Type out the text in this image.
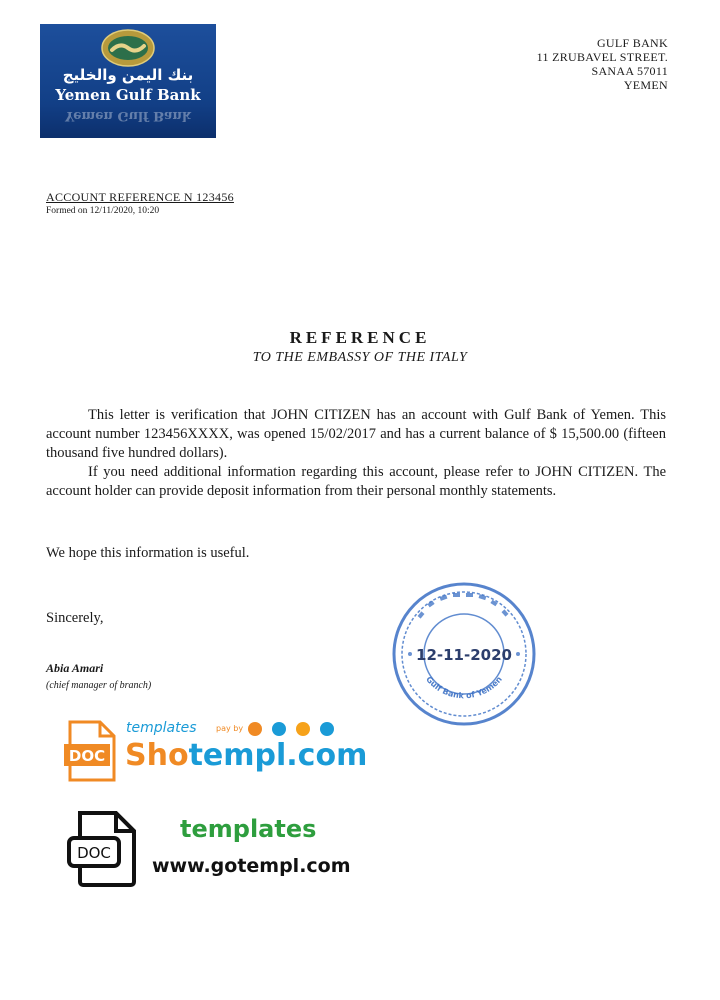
بنك اليمن والخليج
Yemen Gulf Bank
Yemen Gulf Bank
GULF BANK
11 ZRUBAVEL STREET.
SANAA 57011
YEMEN
ACCOUNT REFERENCE N 123456
Formed on 12/11/2020, 10:20
REFERENCE
TO THE EMBASSY OF THE ITALY

This letter is verification that JOHN CITIZEN has an account with Gulf Bank of Yemen. This account number 123456XXXX, was opened 15/02/2017 and has a current balance of $ 15,500.00 (fifteen thousand five hundred dollars).

If you need additional information regarding this account, please refer to JOHN CITIZEN. The account holder can provide deposit information from their personal monthly statements.

We hope this information is useful.
Sincerely,
Abia Amari
(chief manager of branch)
12-11-2020
Gulf Bank of Yemen
DOC
templates pay by
Shotempl.com
DOC
templates
www.gotempl.com
